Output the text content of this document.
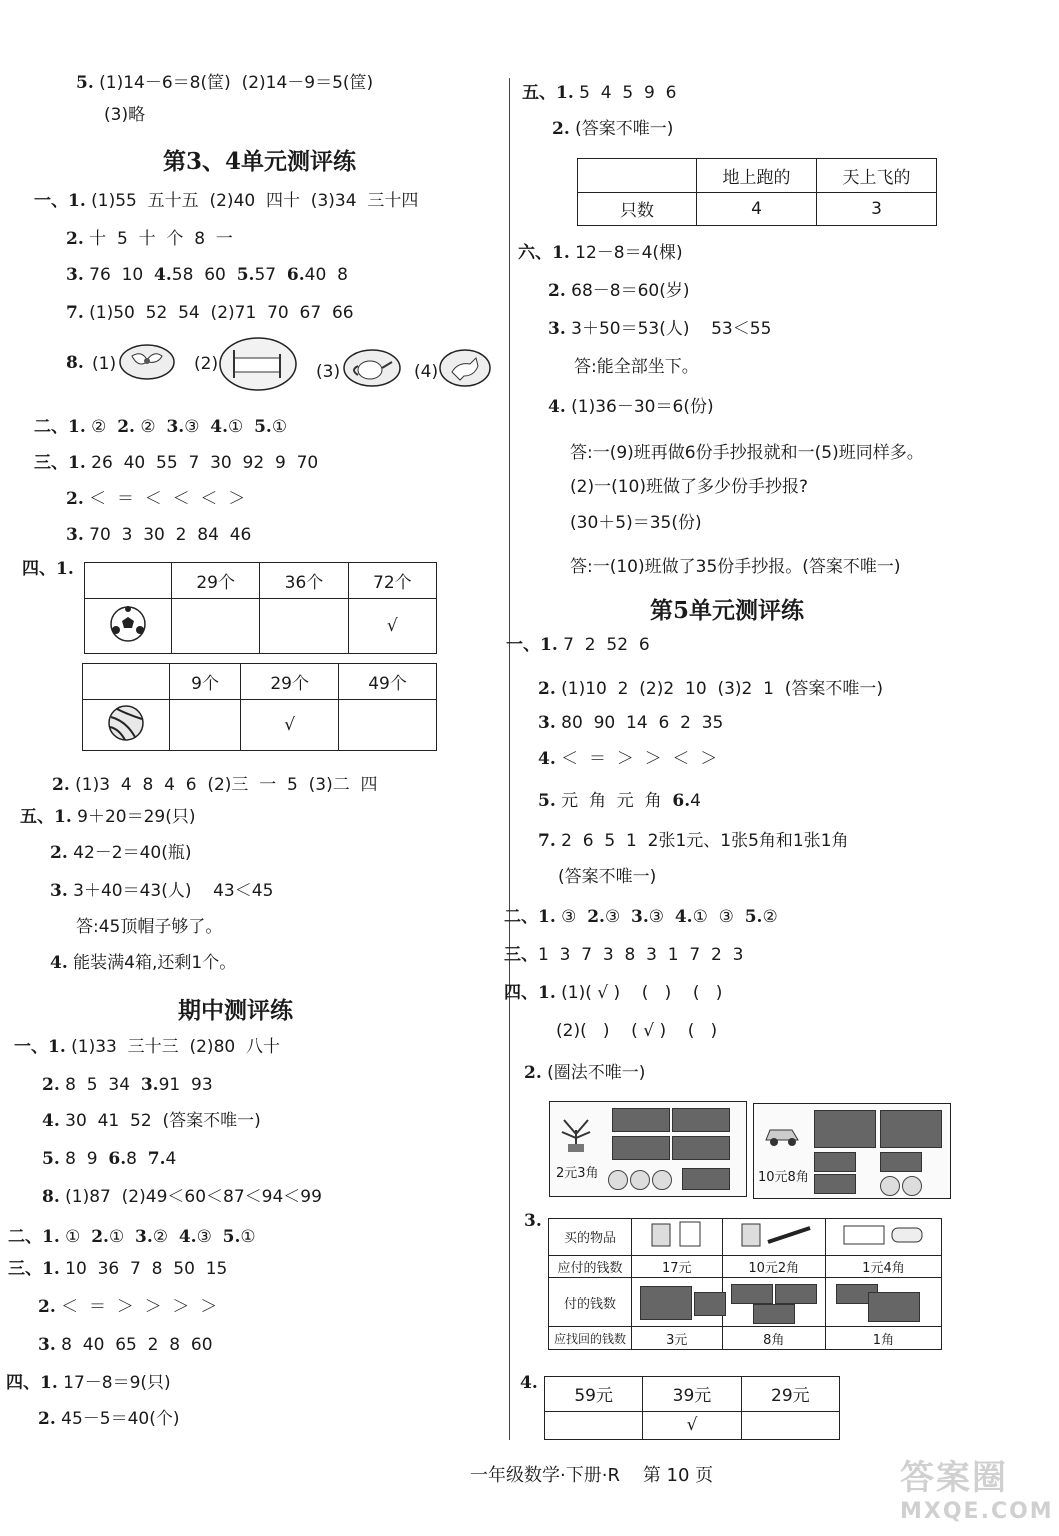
5. (1)14－6＝8(筐)  (2)14－9＝5(筐)
(3)略
第3、4单元测评练
一、1. (1)55  五十五  (2)40  四十  (3)34  三十四
2. 十  5  十  个  8  一
3. 76  10  4.58  60  5.57  6.40  8
7. (1)50  52  54  (2)71  70  67  66
8. (1)	(2)	(3)	(4)
二、1. ②  2. ②  3.③  4.①  5.①
三、1. 26  40  55  7  30  92  9  70
2. ＜  ＝  ＜  ＜  ＜  ＞
3. 70  3  30  2  84  46
四、1.
	29个	36个	72个
			√
	9个	29个	49个
		√	
2. (1)3  4  8  4  6  (2)三  一  5  (3)二  四
五、1. 9＋20＝29(只)
2. 42－2＝40(瓶)
3. 3＋40＝43(人)    43＜45
答:45顶帽子够了。
4. 能装满4箱,还剩1个。
期中测评练
一、1. (1)33  三十三  (2)80  八十
2. 8  5  34  3.91  93
4. 30  41  52  (答案不唯一)
5. 8  9  6.8  7.4
8. (1)87  (2)49＜60＜87＜94＜99
二、1. ①  2.①  3.②  4.③  5.①
三、1. 10  36  7  8  50  15
2. ＜  ＝  ＞  ＞  ＞  ＞
3. 8  40  65  2  8  60
四、1. 17－8＝9(只)
2. 45－5＝40(个)
五、1. 5  4  5  9  6
2. (答案不唯一)
	地上跑的	天上飞的
只数	4	3
六、1. 12－8＝4(棵)
2. 68－8＝60(岁)
3. 3＋50＝53(人)    53＜55
答:能全部坐下。
4. (1)36－30＝6(份)
答:一(9)班再做6份手抄报就和一(5)班同样多。
(2)一(10)班做了多少份手抄报?
(30＋5)＝35(份)
答:一(10)班做了35份手抄报。(答案不唯一)
第5单元测评练
一、1. 7  2  52  6
2. (1)10  2  (2)2  10  (3)2  1  (答案不唯一)
3. 80  90  14  6  2  35
4. ＜  ＝  ＞  ＞  ＜  ＞
5. 元  角  元  角  6.4
7. 2  6  5  1  2张1元、1张5角和1张1角
(答案不唯一)
二、1. ③  2.③  3.③  4.①  ③  5.②
三、1  3  7  3  8  3  1  7  2  3
四、1. (1)( √ )    (   )    (   )
(2)(   )    ( √ )    (   )
2. (圈法不唯一)
2元3角	10元8角
3.
买的物品			
应付的钱数	17元	10元2角	1元4角
付的钱数	

应找回的钱数	3元	8角	1角
4.
59元	39元	29元
	√	
一年级数学·下册·R    第 10 页	答案圈
MXQE.COM
